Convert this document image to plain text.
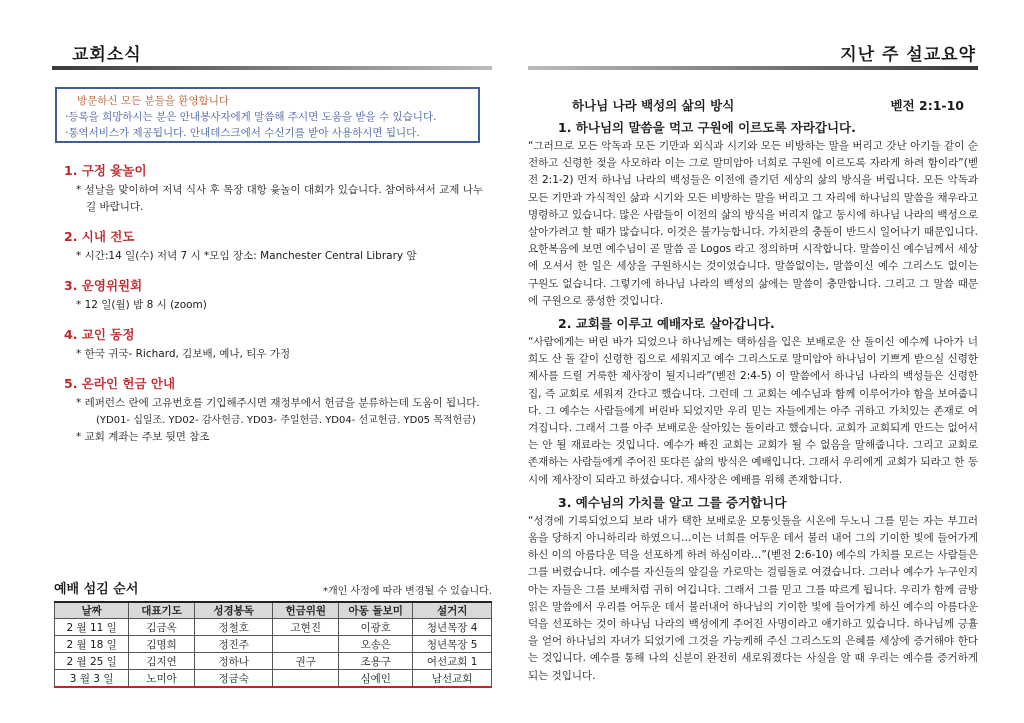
교회소식
방문하신 모든 분들을 환영합니다
·등록을 희망하시는 분은 안내봉사자에게 말씀해 주시면 도움을 받을 수 있습니다.
·통역서비스가 제공됩니다. 안내데스크에서 수신기를 받아 사용하시면 됩니다.
1. 구정 윷놀이
* 설날을 맞이하여 저녁 식사 후 목장 대항 윷놀이 대회가 있습니다. 참여하셔서 교제 나누길 바랍니다.
2. 시내 전도
* 시간:14 일(수) 저녁 7 시 *모임 장소: Manchester Central Library 앞
3. 운영위원회
* 12 일(월) 밤 8 시 (zoom)
4. 교인 동정
* 한국 귀국- Richard, 김보배, 예나, 티우 가정
5. 온라인 헌금 안내
* 레퍼런스 란에 고유번호를 기입해주시면 재정부에서 헌금을 분류하는데 도움이 됩니다.
(YD01- 십일조. YD02- 감사헌금. YD03- 주일헌금. YD04- 선교헌금. YD05 목적헌금)
* 교회 계좌는 주보 뒷면 참조
예배 섬김 순서	*개인 사정에 따라 변경될 수 있습니다.
날짜	대표기도	성경봉독	헌금위원	아동 돌보미	설거지
2 월 11 일	김금옥	정철호	고현진	이광호	청년목장 4
2 월 18 일	김명희	정진주		오송은	청년목장 5
2 월 25 일	김지연	정하나	권구	조용구	여선교회 1
3 월 3 일	노미아	정금숙		심예인	남선교회
지난 주 설교요약
하나님 나라 백성의 삶의 방식	벧전 2:1-10
1. 하나님의 말씀을 먹고 구원에 이르도록 자라갑니다.
“그러므로 모든 악독과 모든 기만과 외식과 시기와 모든 비방하는 말을 버리고 갓난 아기들 같이 순전하고 신령한 젖을 사모하라 이는 그로 말미암아 너희로 구원에 이르도록 자라게 하려 함이라”(벧전 2:1-2) 먼저 하나님 나라의 백성들은 이전에 즐기던 세상의 삶의 방식을 버립니다. 모든 악독과 모든 기만과 가식적인 삶과 시기와 모든 비방하는 말을 버리고 그 자리에 하나님의 말씀을 채우라고 명령하고 있습니다. 많은 사람들이 이전의 삶의 방식을 버리지 않고 동시에 하나님 나라의 백성으로 살아가려고 할 때가 많습니다. 이것은 불가능합니다. 가치관의 충돌이 반드시 일어나기 때문입니다. 요한복음에 보면 예수님이 곧 말씀 곧 Logos 라고 정의하며 시작합니다. 말씀이신 예수님께서 세상에 오셔서 한 일은 세상을 구원하시는 것이었습니다. 말씀없이는, 말씀이신 예수 그리스도 없이는 구원도 없습니다. 그렇기에 하나님 나라의 백성의 삶에는 말씀이 충만합니다. 그리고 그 말씀 때문에 구원으로 풍성한 것입니다.
2. 교회를 이루고 예배자로 살아갑니다.
“사람에게는 버린 바가 되었으나 하나님께는 택하심을 입은 보배로운 산 돌이신 예수께 나아가 너희도 산 돌 같이 신령한 집으로 세워지고 예수 그리스도로 말미암아 하나님이 기쁘게 받으실 신령한 제사를 드릴 거룩한 제사장이 될지니라”(벧전 2:4-5) 이 말씀에서 하나님 나라의 백성들은 신령한 집, 즉 교회로 세워져 간다고 했습니다. 그런데 그 교회는 예수님과 함께 이루어가야 함을 보여줍니다. 그 예수는 사람들에게 버린바 되었지만 우리 믿는 자들에게는 아주 귀하고 가치있는 존재로 여겨집니다. 그래서 그를 아주 보배로운 살아있는 돌이라고 했습니다. 교회가 교회되게 만드는 없어서는 안 될 재료라는 것입니다. 예수가 빠진 교회는 교회가 될 수 없음을 말해줍니다. 그리고 교회로 존재하는 사람들에게 주어진 또다른 삶의 방식은 예배입니다. 그래서 우리에게 교회가 되라고 한 동시에 제사장이 되라고 하셨습니다. 제사장은 예배를 위해 존재합니다.
3. 예수님의 가치를 알고 그를 증거합니다
“성경에 기록되었으되 보라 내가 택한 보배로운 모퉁잇돌을 시온에 두노니 그를 믿는 자는 부끄러움을 당하지 아니하리라 하였으니…이는 너희를 어두운 데서 불러 내어 그의 기이한 빛에 들어가게 하신 이의 아름다운 덕을 선포하게 하려 하심이라…”(벧전 2:6-10) 예수의 가치를 모르는 사람들은 그를 버렸습니다. 예수를 자신들의 앞길을 가로막는 걸림돌로 여겼습니다. 그러나 예수가 누구인지 아는 자들은 그를 보배처럼 귀히 여깁니다. 그래서 그를 믿고 그를 따르게 됩니다. 우리가 함께 금방 읽은 말씀에서 우리를 어두운 데서 불러내어 하나님의 기이한 빛에 들어가게 하신 예수의 아름다운 덕을 선포하는 것이 하나님 나라의 백성에게 주어진 사명이라고 얘기하고 있습니다. 하나님께 긍휼을 얻어 하나님의 자녀가 되었기에 그것을 가능케해 주신 그리스도의 은혜를 세상에 증거해야 한다는 것입니다. 예수를 통해 나의 신분이 완전히 새로워졌다는 사실을 알 때 우리는 예수를 증거하게 되는 것입니다.
